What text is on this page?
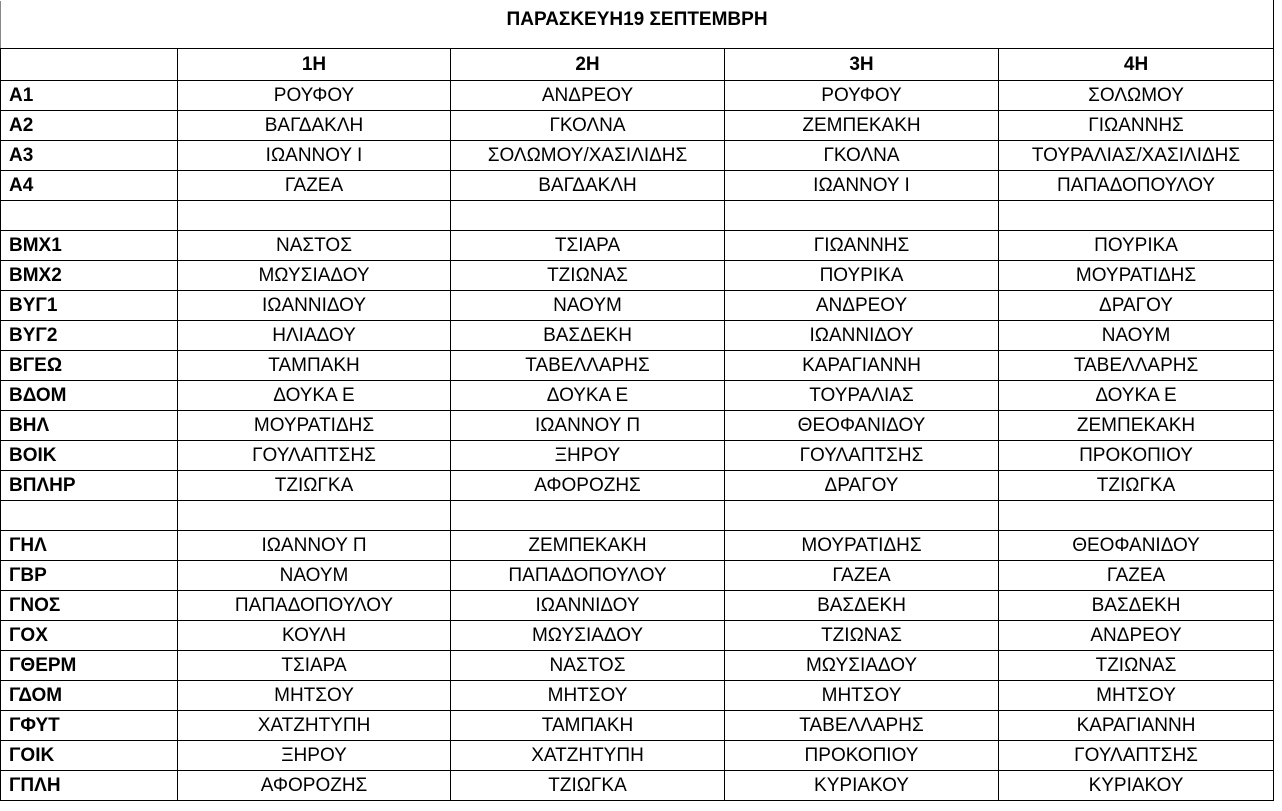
ΠΑΡΑΣΚΕΥΗ19 ΣΕΠΤΕΜΒΡΗ				
	1Η	2Η	3Η	4Η
Α1	ΡΟΥΦΟΥ	ΑΝΔΡΕΟΥ	ΡΟΥΦΟΥ	ΣΟΛΩΜΟΥ
Α2	ΒΑΓΔΑΚΛΗ	ΓΚΟΛΝΑ	ΖΕΜΠΕΚΑΚΗ	ΓΙΩΑΝΝΗΣ
Α3	ΙΩΑΝΝΟΥ Ι	ΣΟΛΩΜΟΥ/ΧΑΣΙΛΙΔΗΣ	ΓΚΟΛΝΑ	ΤΟΥΡΑΛΙΑΣ/ΧΑΣΙΛΙΔΗΣ
Α4	ΓΑΖΕΑ	ΒΑΓΔΑΚΛΗ	ΙΩΑΝΝΟΥ Ι	ΠΑΠΑΔΟΠΟΥΛΟΥ

ΒΜΧ1	ΝΑΣΤΟΣ	ΤΣΙΑΡΑ	ΓΙΩΑΝΝΗΣ	ΠΟΥΡΙΚΑ
ΒΜΧ2	ΜΩΥΣΙΑΔΟΥ	ΤΖΙΩΝΑΣ	ΠΟΥΡΙΚΑ	ΜΟΥΡΑΤΙΔΗΣ
ΒΥΓ1	ΙΩΑΝΝΙΔΟΥ	ΝΑΟΥΜ	ΑΝΔΡΕΟΥ	ΔΡΑΓΟΥ
ΒΥΓ2	ΗΛΙΑΔΟΥ	ΒΑΣΔΕΚΗ	ΙΩΑΝΝΙΔΟΥ	ΝΑΟΥΜ
ΒΓΕΩ	ΤΑΜΠΑΚΗ	ΤΑΒΕΛΛΑΡΗΣ	ΚΑΡΑΓΙΑΝΝΗ	ΤΑΒΕΛΛΑΡΗΣ
ΒΔΟΜ	ΔΟΥΚΑ Ε	ΔΟΥΚΑ Ε	ΤΟΥΡΑΛΙΑΣ	ΔΟΥΚΑ Ε
ΒΗΛ	ΜΟΥΡΑΤΙΔΗΣ	ΙΩΑΝΝΟΥ Π	ΘΕΟΦΑΝΙΔΟΥ	ΖΕΜΠΕΚΑΚΗ
ΒΟΙΚ	ΓΟΥΛΑΠΤΣΗΣ	ΞΗΡΟΥ	ΓΟΥΛΑΠΤΣΗΣ	ΠΡΟΚΟΠΙΟΥ
ΒΠΛΗΡ	ΤΖΙΩΓΚΑ	ΑΦΟΡΟΖΗΣ	ΔΡΑΓΟΥ	ΤΖΙΩΓΚΑ

ΓΗΛ	ΙΩΑΝΝΟΥ Π	ΖΕΜΠΕΚΑΚΗ	ΜΟΥΡΑΤΙΔΗΣ	ΘΕΟΦΑΝΙΔΟΥ
ΓΒΡ	ΝΑΟΥΜ	ΠΑΠΑΔΟΠΟΥΛΟΥ	ΓΑΖΕΑ	ΓΑΖΕΑ
ΓΝΟΣ	ΠΑΠΑΔΟΠΟΥΛΟΥ	ΙΩΑΝΝΙΔΟΥ	ΒΑΣΔΕΚΗ	ΒΑΣΔΕΚΗ
ΓΟΧ	ΚΟΥΛΗ	ΜΩΥΣΙΑΔΟΥ	ΤΖΙΩΝΑΣ	ΑΝΔΡΕΟΥ
ΓΘΕΡΜ	ΤΣΙΑΡΑ	ΝΑΣΤΟΣ	ΜΩΥΣΙΑΔΟΥ	ΤΖΙΩΝΑΣ
ΓΔΟΜ	ΜΗΤΣΟΥ	ΜΗΤΣΟΥ	ΜΗΤΣΟΥ	ΜΗΤΣΟΥ
ΓΦΥΤ	ΧΑΤΖΗΤΥΠΗ	ΤΑΜΠΑΚΗ	ΤΑΒΕΛΛΑΡΗΣ	ΚΑΡΑΓΙΑΝΝΗ
ΓΟΙΚ	ΞΗΡΟΥ	ΧΑΤΖΗΤΥΠΗ	ΠΡΟΚΟΠΙΟΥ	ΓΟΥΛΑΠΤΣΗΣ
ΓΠΛΗ	ΑΦΟΡΟΖΗΣ	ΤΖΙΩΓΚΑ	ΚΥΡΙΑΚΟΥ	ΚΥΡΙΑΚΟΥ
